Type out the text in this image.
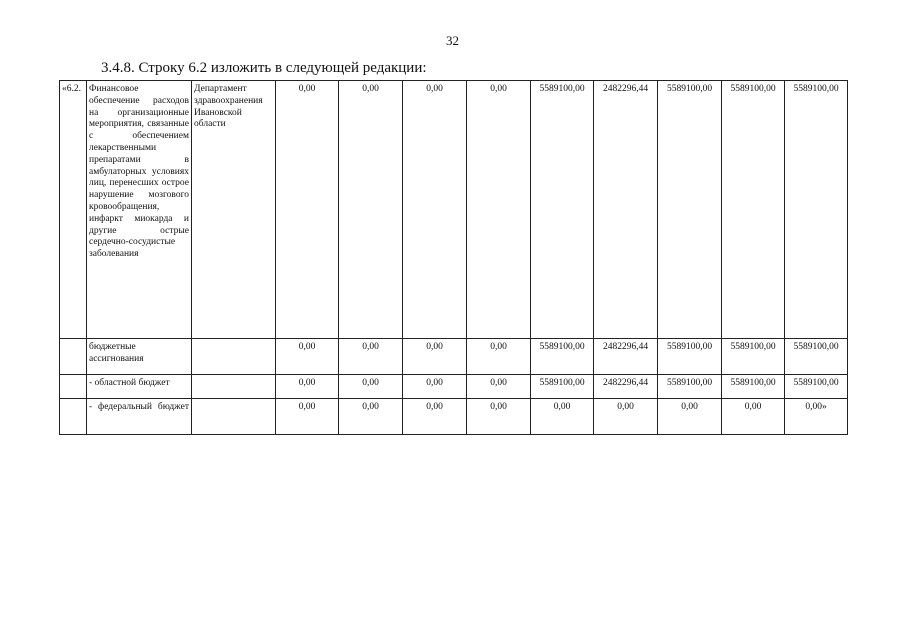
32
3.4.8. Строку 6.2 изложить в следующей редакции:
«6.2.	Финансовое обеспечение расходов на организационные мероприятия, связанные с обеспечением лекарственными препаратами в амбулаторных условиях лиц, перенесших острое нарушение мозгового кровообращения, инфаркт миокарда и другие острые сердечно-сосудистые заболевания	Департамент здравоохранения Ивановской области	0,00	0,00	0,00	0,00	5589100,00	2482296,44	5589100,00	5589100,00	5589100,00
	бюджетные ассигнования		0,00	0,00	0,00	0,00	5589100,00	2482296,44	5589100,00	5589100,00	5589100,00
	- областной бюджет		0,00	0,00	0,00	0,00	5589100,00	2482296,44	5589100,00	5589100,00	5589100,00
	- федеральный бюджет		0,00	0,00	0,00	0,00	0,00	0,00	0,00	0,00	0,00»
